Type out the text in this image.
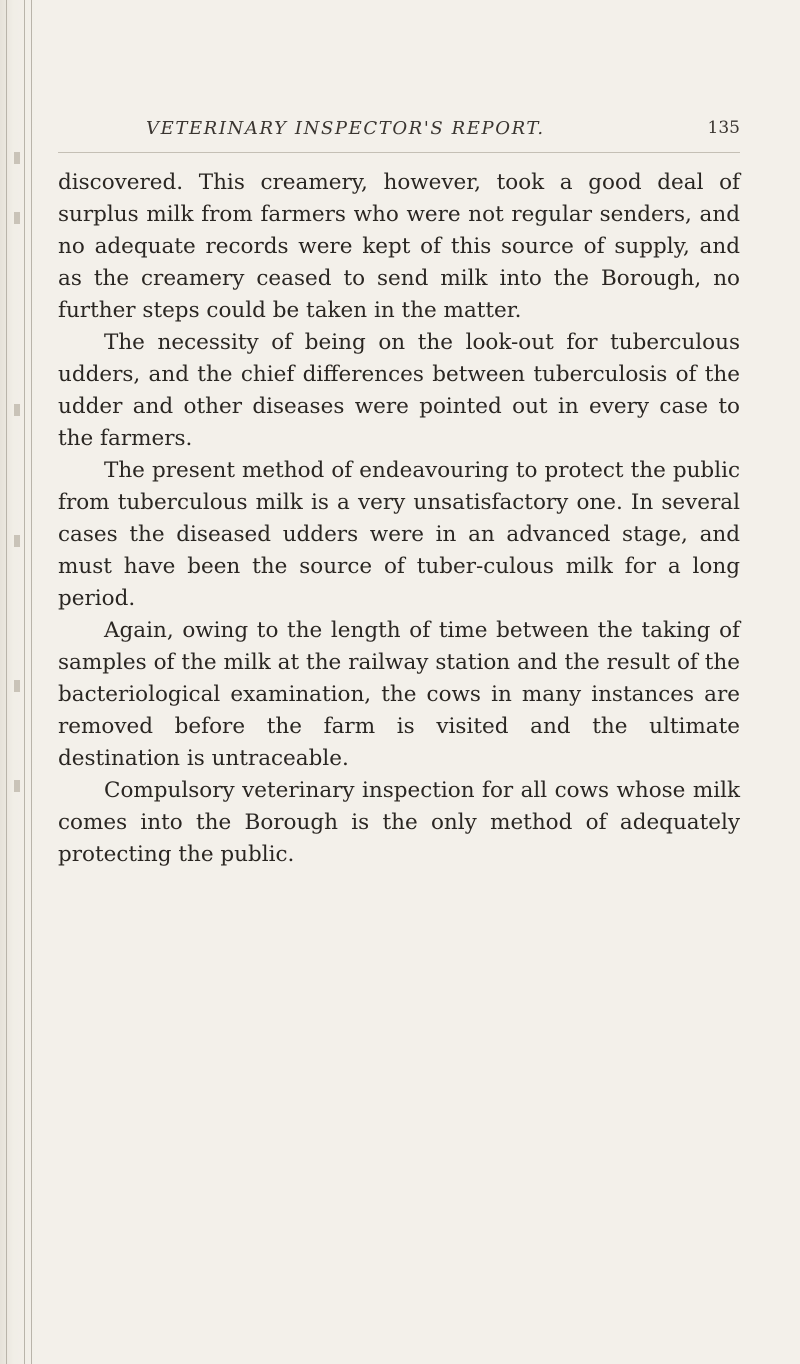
VETERINARY INSPECTOR'S REPORT.	135

discovered. This creamery, however, took a good deal of surplus milk from farmers who were not regular senders, and no adequate records were kept of this source of supply, and as the creamery ceased to send milk into the Borough, no further steps could be taken in the matter.

The necessity of being on the look-out for tuberculous udders, and the chief differences between tuberculosis of the udder and other diseases were pointed out in every case to the farmers.

The present method of endeavouring to protect the public from tuberculous milk is a very unsatisfactory one. In several cases the diseased udders were in an advanced stage, and must have been the source of tuber-culous milk for a long period.

Again, owing to the length of time between the taking of samples of the milk at the railway station and the result of the bacteriological examination, the cows in many instances are removed before the farm is visited and the ultimate destination is untraceable.

Compulsory veterinary inspection for all cows whose milk comes into the Borough is the only method of adequately protecting the public.
